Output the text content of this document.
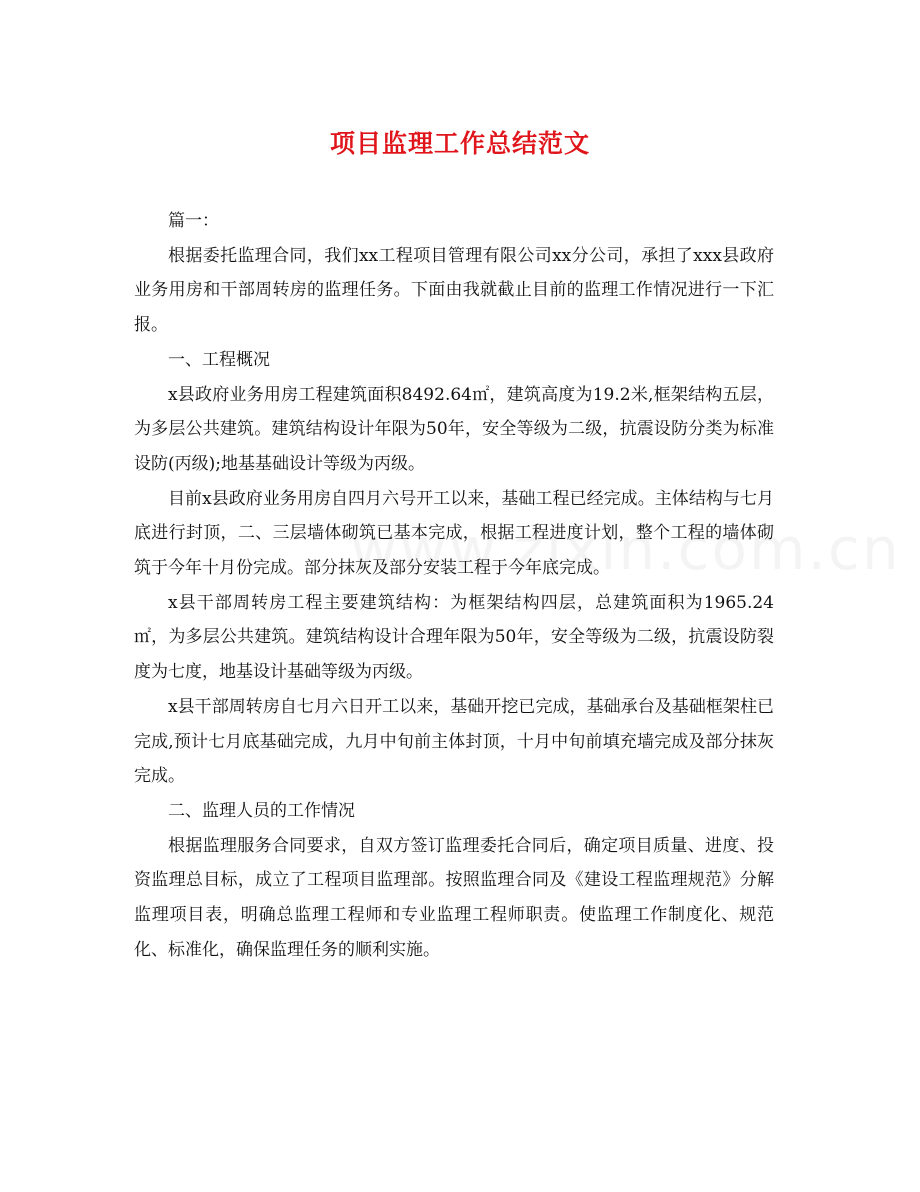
项目监理工作总结范文

篇一：

根据委托监理合同，我们xx工程项目管理有限公司xx分公司，承担了xxx县政府业务用房和干部周转房的监理任务。下面由我就截止目前的监理工作情况进行一下汇报。

一、工程概况

x县政府业务用房工程建筑面积8492.64㎡，建筑高度为19.2米,框架结构五层，为多层公共建筑。建筑结构设计年限为50年，安全等级为二级，抗震设防分类为标准设防(丙级);地基基础设计等级为丙级。

目前x县政府业务用房自四月六号开工以来，基础工程已经完成。主体结构与七月底进行封顶，二、三层墙体砌筑已基本完成，根据工程进度计划，整个工程的墙体砌筑于今年十月份完成。部分抹灰及部分安装工程于今年底完成。

x县干部周转房工程主要建筑结构：为框架结构四层，总建筑面积为1965.24㎡，为多层公共建筑。建筑结构设计合理年限为50年，安全等级为二级，抗震设防裂度为七度，地基设计基础等级为丙级。

x县干部周转房自七月六日开工以来，基础开挖已完成，基础承台及基础框架柱已完成,预计七月底基础完成，九月中旬前主体封顶，十月中旬前填充墙完成及部分抹灰完成。

二、监理人员的工作情况

根据监理服务合同要求，自双方签订监理委托合同后，确定项目质量、进度、投资监理总目标，成立了工程项目监理部。按照监理合同及《建设工程监理规范》分解监理项目表，明确总监理工程师和专业监理工程师职责。使监理工作制度化、规范化、标准化，确保监理任务的顺利实施。
